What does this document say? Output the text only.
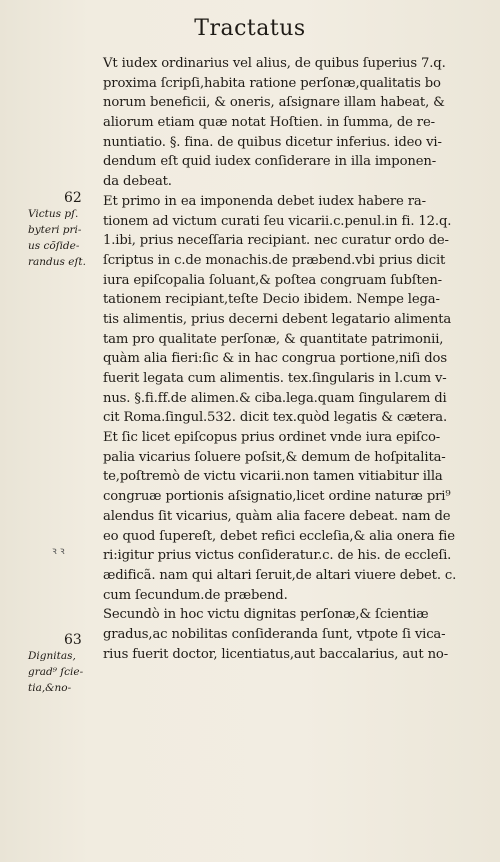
Tractatus
Vt iudex ordinarius vel alius, de quibus ſuperius 7.q.
proxima ſcripſi,habita ratione perſonæ,qualitatis bo
norum beneficii, & oneris, aſsignare illam habeat, &
aliorum etiam quæ notat Hoſtien. in ſumma, de re-
nuntiatio. §. fina. de quibus dicetur inferius. ideo vi-
dendum eſt quid iudex conſiderare in illa imponen-
da debeat.
Et primo in ea imponenda debet iudex habere ra-
tionem ad victum curati ſeu vicarii.c.penul.in fi. 12.q.
1.ibi, prius neceſſaria recipiant. nec curatur ordo de-
ſcriptus in c.de monachis.de præbend.vbi prius dicit
iura epiſcopalia ſoluant,& poſtea congruam ſubſten-
tationem recipiant,teſte Decio ibidem. Nempe lega-
tis alimentis, prius decerni debent legatario alimenta
tam pro qualitate perſonæ, & quantitate patrimonii,
quàm alia fieri:ſic & in hac congrua portione,niſi dos
fuerit legata cum alimentis. tex.ſingularis in l.cum v-
nus. §.fi.ff.de alimen.& ciba.lega.quam ſingularem di
cit Roma.ſingul.532. dicit tex.quòd legatis & cætera.
Et ſic licet epiſcopus prius ordinet vnde iura epiſco-
palia vicarius ſoluere poſsit,& demum de hoſpitalita-
te,poſtremò de victu vicarii.non tamen vitiabitur illa
congruæ portionis aſsignatio,licet ordine naturæ pri⁹
alendus ſit vicarius, quàm alia facere debeat. nam de
eo quod ſupereſt, debet refici eccleſia,& alia onera fie
ri:igitur prius victus conſideratur.c. de his. de eccleſi.
ædificã. nam qui altari ſeruit,de altari viuere debet. c.
cum ſecundum.de præbend.
Secundò in hoc victu dignitas perſonæ,& ſcientiæ
gradus,ac nobilitas conſideranda ſunt, vtpote ſi vica-
rius fuerit doctor, licentiatus,aut baccalarius, aut no-
62
Victus pſ.
byteri pri-
us cõſide-
randus eſt.
ꝛ ꝛ
63
Dignitas,
grad⁹ ſcie-
tia,&no-
